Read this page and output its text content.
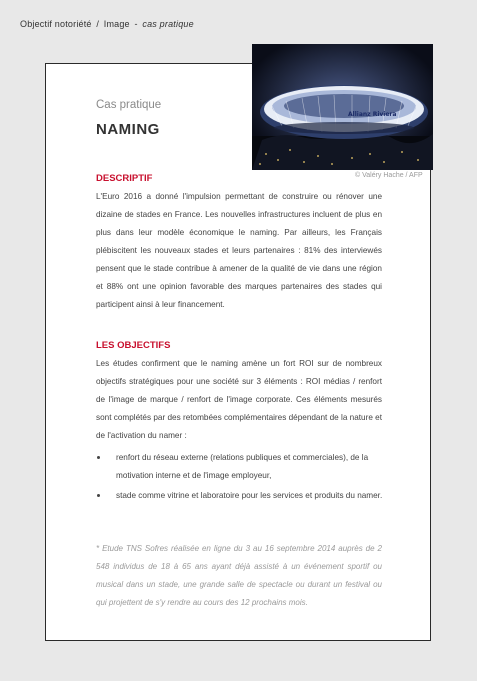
Objectif notoriété / Image - cas pratique
Allianz Riviera
© Valéry Hache / AFP
Cas pratique
NAMING
DESCRIPTIF

L'Euro 2016 a donné l'impulsion permettant de construire ou rénover une dizaine de stades en France. Les nouvelles infrastructures incluent de plus en plus dans leur modèle économique le naming. Par ailleurs, les Français plébiscitent les nouveaux stades et leurs partenaires : 81% des interviewés pensent que le stade contribue à amener de la qualité de vie dans une région et 88% ont une opinion favorable des marques partenaires des stades qui participent ainsi à leur financement.

LES OBJECTIFS

Les études confirment que le naming amène un fort ROI sur de nombreux objectifs stratégiques pour une société sur 3 éléments : ROI médias / renfort de l'image de marque / renfort de l'image corporate. Ces éléments mesurés sont complétés par des retombées complémentaires dépendant de la nature et de l'activation du namer :

renfort du réseau externe (relations publiques et commerciales), de la motivation interne et de l'image employeur,
stade comme vitrine et laboratoire pour les services et produits du namer.

* Etude TNS Sofres réalisée en ligne du 3 au 16 septembre 2014 auprès de 2 548 individus de 18 à 65 ans ayant déjà assisté à un événement sportif ou musical dans un stade, une grande salle de spectacle ou durant un festival ou qui projettent de s'y rendre au cours des 12 prochains mois.
